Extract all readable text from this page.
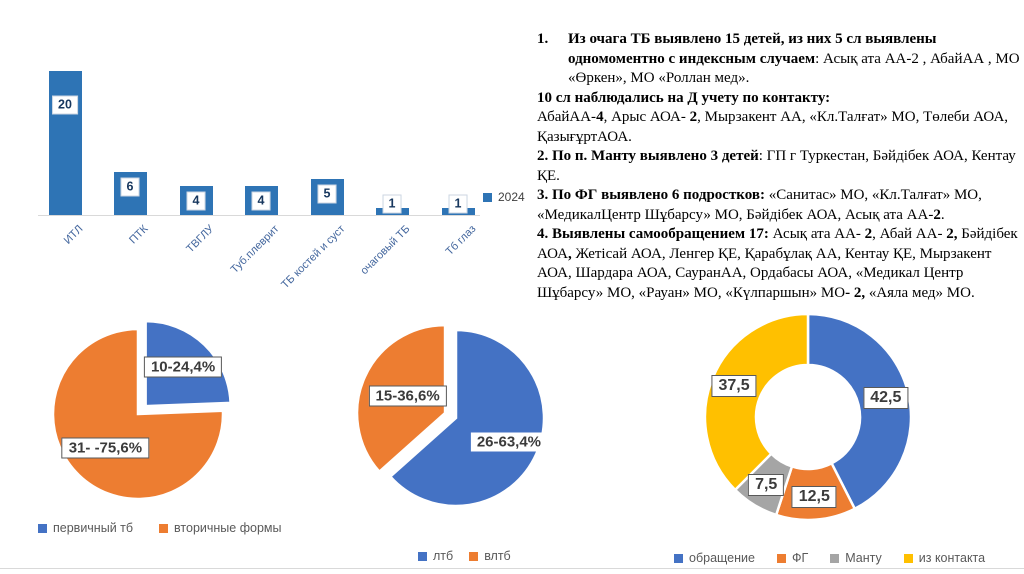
2024
20
ИТЛ
6
ПТК
4
ТВГЛУ
4
Туб.плеврит
5
ТБ костей и суст
1
очаговый ТБ
1
Тб глаз
1. Из очага ТБ выявлено 15 детей, из них 5 сл выявлены одномоментно с индексным случаем: Асық ата АА-2 , АбайАА , МО «Өркен», МО «Роллан мед».
10 сл наблюдались на Д учету по контакту:
АбайАА-4, Арыс АОА- 2, Мырзакент АА, «Кл.Талғат» МО, Төлеби АОА, ҚазығұртАОА.
2. По п. Манту выявлено 3 детей: ГП г Туркестан, Бәйдібек АОА, Кентау ҚЕ.
3. По ФГ выявлено 6 подростков: «Санитас» МО, «Кл.Талғат» МО, «МедикалЦентр Шұбарсу» МО, Бәйдібек АОА, Асық ата АА-2.
4. Выявлены самообращением 17: Асық ата АА- 2, Абай АА- 2, Бәйдібек АОА, Жетісай АОА, Ленгер ҚЕ, Қарабұлақ АА, Кентау ҚЕ, Мырзакент АОА, Шардара АОА, СауранАА, Ордабасы АОА, «Медикал Центр Шұбарсу» МО, «Рауан» МО, «Күлпаршын» МО- 2, «Аяла мед» МО.
первичный тб	вторичные формы
лтб влтб	обращение	ФГ	Манту	из контакта
10-24,4%
31- -75,6%	26-63,4%
15-36,6%	42,5
12,5
7,5
37,5
